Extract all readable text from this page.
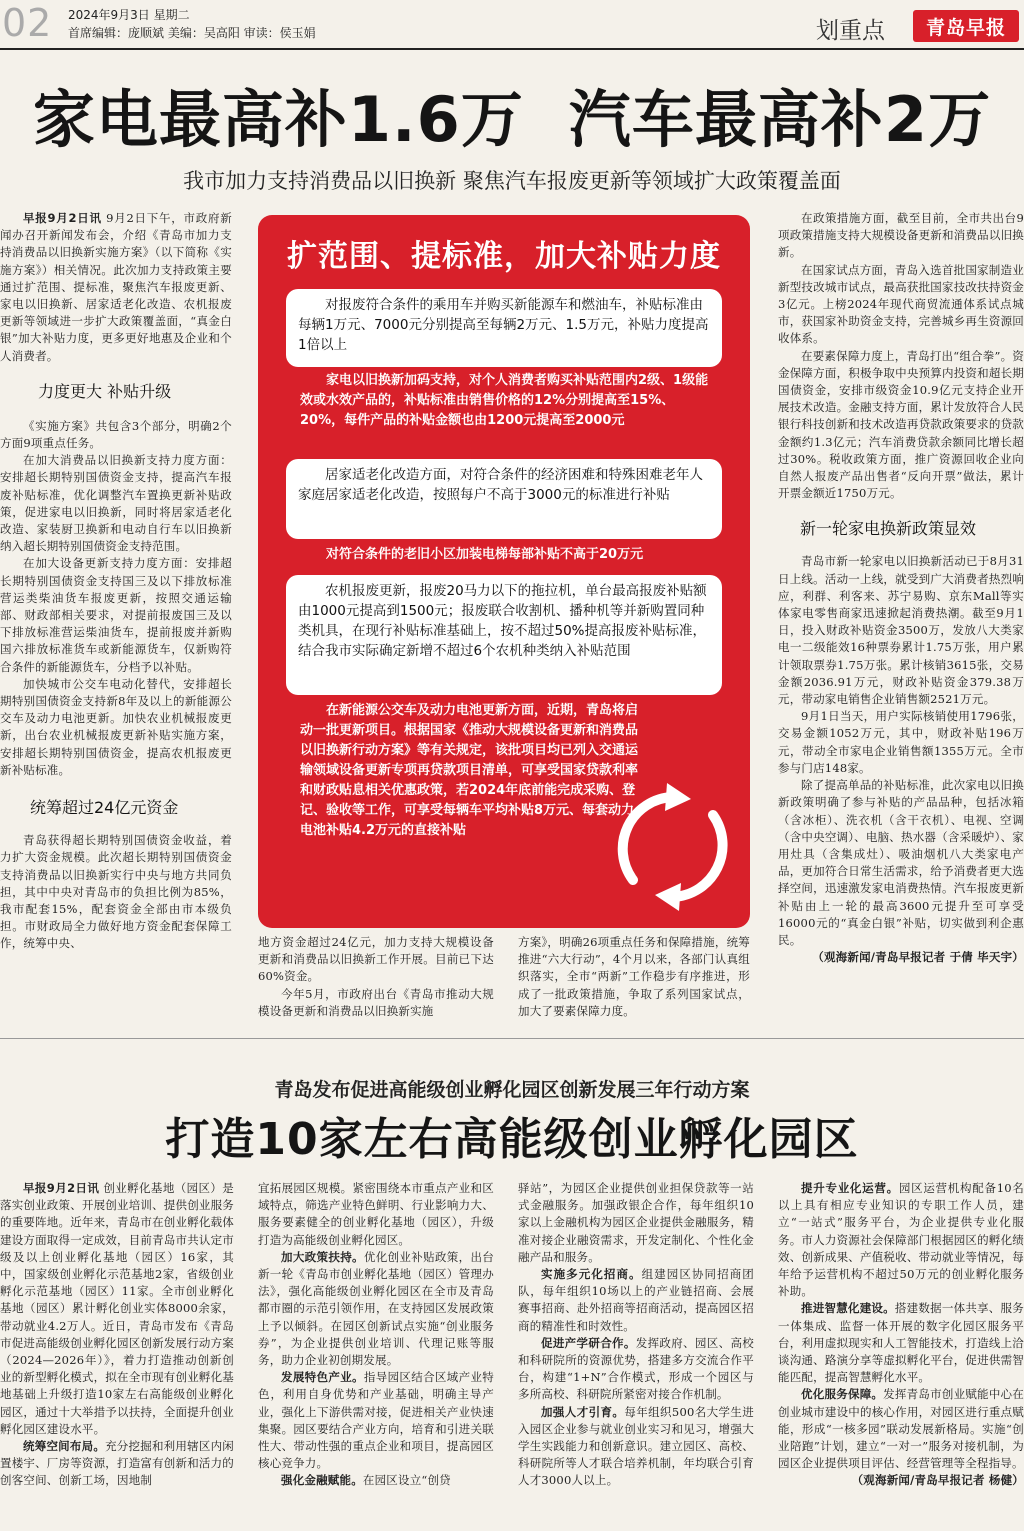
02 2024年9月3日 星期二
首席编辑：庞顺斌 美编：吴高阳 审读：侯玉娟	划重点 青岛早报
家电最高补1.6万  汽车最高补2万
我市加力支持消费品以旧换新 聚焦汽车报废更新等领域扩大政策覆盖面

早报9月2日讯 9月2日下午，市政府新闻办召开新闻发布会，介绍《青岛市加力支持消费品以旧换新实施方案》（以下简称《实施方案》）相关情况。此次加力支持政策主要通过扩范围、提标准，聚焦汽车报废更新、家电以旧换新、居家适老化改造、农机报废更新等领域进一步扩大政策覆盖面，“真金白银”加大补贴力度，更多更好地惠及企业和个人消费者。

力度更大 补贴升级

《实施方案》共包含3个部分，明确2个方面9项重点任务。

在加大消费品以旧换新支持力度方面：安排超长期特别国债资金支持，提高汽车报废补贴标准，优化调整汽车置换更新补贴政策，促进家电以旧换新，同时将居家适老化改造、家装厨卫换新和电动自行车以旧换新纳入超长期特别国债资金支持范围。

在加大设备更新支持力度方面：安排超长期特别国债资金支持国三及以下排放标准营运类柴油货车报废更新，按照交通运输部、财政部相关要求，对提前报废国三及以下排放标准营运柴油货车，提前报废并新购国六排放标准货车或新能源货车，仅新购符合条件的新能源货车，分档予以补贴。

加快城市公交车电动化替代，安排超长期特别国债资金支持新8年及以上的新能源公交车及动力电池更新。加快农业机械报废更新，出台农业机械报废更新补贴实施方案，安排超长期特别国债资金，提高农机报废更新补贴标准。

统筹超过24亿元资金

青岛获得超长期特别国债资金收益，着力扩大资金规模。此次超长期特别国债资金支持消费品以旧换新实行中央与地方共同负担，其中中央对青岛市的负担比例为85%，我市配套15%，配套资金全部由市本级负担。市财政局全力做好地方资金配套保障工作，统筹中央、

扩范围、提标准，加大补贴力度
对报废符合条件的乘用车并购买新能源车和燃油车，补贴标准由每辆1万元、7000元分别提高至每辆2万元、1.5万元，补贴力度提高1倍以上
家电以旧换新加码支持，对个人消费者购买补贴范围内2级、1级能效或水效产品的，补贴标准由销售价格的12%分别提高至15%、20%，每件产品的补贴金额也由1200元提高至2000元
居家适老化改造方面，对符合条件的经济困难和特殊困难老年人家庭居家适老化改造，按照每户不高于3000元的标准进行补贴
对符合条件的老旧小区加装电梯每部补贴不高于20万元
农机报废更新，报废20马力以下的拖拉机，单台最高报废补贴额由1000元提高到1500元；报废联合收割机、播种机等并新购置同种类机具，在现行补贴标准基础上，按不超过50%提高报废补贴标准，结合我市实际确定新增不超过6个农机种类纳入补贴范围
在新能源公交车及动力电池更新方面，近期，青岛将启动一批更新项目。根据国家《推动大规模设备更新和消费品以旧换新行动方案》等有关规定，该批项目均已列入交通运输领域设备更新专项再贷款项目清单，可享受国家贷款利率和财政贴息相关优惠政策，若2024年底前能完成采购、登记、验收等工作，可享受每辆车平均补贴8万元、每套动力电池补贴4.2万元的直接补贴

地方资金超过24亿元，加力支持大规模设备更新和消费品以旧换新工作开展。目前已下达60%资金。

今年5月，市政府出台《青岛市推动大规模设备更新和消费品以旧换新实施

方案》，明确26项重点任务和保障措施，统筹推进“六大行动”，4个月以来，各部门认真组织落实，全市“两新”工作稳步有序推进，形成了一批政策措施，争取了系列国家试点，加大了要素保障力度。

在政策措施方面，截至目前，全市共出台9项政策措施支持大规模设备更新和消费品以旧换新。

在国家试点方面，青岛入选首批国家制造业新型技改城市试点，最高获批国家技改扶持资金3亿元。上榜2024年现代商贸流通体系试点城市，获国家补助资金支持，完善城乡再生资源回收体系。

在要素保障力度上，青岛打出“组合拳”。资金保障方面，积极争取中央预算内投资和超长期国债资金，安排市级资金10.9亿元支持企业开展技术改造。金融支持方面，累计发放符合人民银行科技创新和技术改造再贷款政策要求的贷款金额约1.3亿元；汽车消费贷款余额同比增长超过30%。税收政策方面，推广资源回收企业向自然人报废产品出售者“反向开票”做法，累计开票金额近1750万元。

新一轮家电换新政策显效

青岛市新一轮家电以旧换新活动已于8月31日上线。活动一上线，就受到广大消费者热烈响应，利群、利客来、苏宁易购、京东Mall等实体家电零售商家迅速掀起消费热潮。截至9月1日，投入财政补贴资金3500万，发放八大类家电一二级能效16种票券累计1.75万张，用户累计领取票券1.75万张。累计核销3615张，交易金额2036.91万元，财政补贴资金379.38万元，带动家电销售企业销售额2521万元。

9月1日当天，用户实际核销使用1796张，交易金额1052万元，其中，财政补贴196万元，带动全市家电企业销售额1355万元。全市参与门店148家。

除了提高单品的补贴标准，此次家电以旧换新政策明确了参与补贴的产品品种，包括冰箱（含冰柜）、洗衣机（含干衣机）、电视、空调（含中央空调）、电脑、热水器（含采暖炉）、家用灶具（含集成灶）、吸油烟机八大类家电产品，更加符合日常生活需求，给予消费者更大选择空间，迅速激发家电消费热情。汽车报废更新补贴由上一轮的最高3600元提升至可享受16000元的“真金白银”补贴，切实做到利企惠民。

（观海新闻/青岛早报记者 于倩 毕天宇）

青岛发布促进高能级创业孵化园区创新发展三年行动方案
打造10家左右高能级创业孵化园区

早报9月2日讯 创业孵化基地（园区）是落实创业政策、开展创业培训、提供创业服务的重要阵地。近年来，青岛市在创业孵化载体建设方面取得一定成效，目前青岛市共认定市级及以上创业孵化基地（园区）16家，其中，国家级创业孵化示范基地2家，省级创业孵化示范基地（园区）11家。全市创业孵化基地（园区）累计孵化创业实体8000余家，带动就业4.2万人。近日，青岛市发布《青岛市促进高能级创业孵化园区创新发展行动方案（2024—2026年）》，着力打造推动创新创业的新型孵化模式，拟在全市现有创业孵化基地基础上升级打造10家左右高能级创业孵化园区，通过十大举措予以扶持，全面提升创业孵化园区建设水平。

统筹空间布局。充分挖掘和利用辖区内闲置楼宇、厂房等资源，打造富有创新和活力的创客空间、创新工场，因地制

宜拓展园区规模。紧密围绕本市重点产业和区域特点，筛选产业特色鲜明、行业影响力大、服务要素健全的创业孵化基地（园区），升级打造为高能级创业孵化园区。

加大政策扶持。优化创业补贴政策，出台新一轮《青岛市创业孵化基地（园区）管理办法》，强化高能级创业孵化园区在全市及青岛都市圈的示范引领作用，在支持园区发展政策上予以倾斜。在园区创新试点实施“创业服务券”，为企业提供创业培训、代理记账等服务，助力企业初创期发展。

发展特色产业。指导园区结合区域产业特色，利用自身优势和产业基础，明确主导产业，强化上下游供需对接，促进相关产业快速集聚。园区要结合产业方向，培育和引进关联性大、带动性强的重点企业和项目，提高园区核心竞争力。

强化金融赋能。在园区设立“创贷

驿站”，为园区企业提供创业担保贷款等一站式金融服务。加强政银企合作，每年组织10家以上金融机构为园区企业提供金融服务，精准对接企业融资需求，开发定制化、个性化金融产品和服务。

实施多元化招商。组建园区协同招商团队，每年组织10场以上的产业链招商、会展赛事招商、赴外招商等招商活动，提高园区招商的精准性和时效性。

促进产学研合作。发挥政府、园区、高校和科研院所的资源优势，搭建多方交流合作平台，构建“1+N”合作模式，形成一个园区与多所高校、科研院所紧密对接合作机制。

加强人才引育。每年组织500名大学生进入园区企业参与就业创业实习和见习，增强大学生实践能力和创新意识。建立园区、高校、科研院所等人才联合培养机制，年均联合引育人才3000人以上。

提升专业化运营。园区运营机构配备10名以上具有相应专业知识的专职工作人员，建立“一站式”服务平台，为企业提供专业化服务。市人力资源社会保障部门根据园区的孵化绩效、创新成果、产值税收、带动就业等情况，每年给予运营机构不超过50万元的创业孵化服务补助。

推进智慧化建设。搭建数据一体共享、服务一体集成、监督一体开展的数字化园区服务平台，利用虚拟现实和人工智能技术，打造线上洽谈沟通、路演分享等虚拟孵化平台，促进供需智能匹配，提高智慧孵化水平。

优化服务保障。发挥青岛市创业赋能中心在创业城市建设中的核心作用，对园区进行重点赋能，形成“一核多园”联动发展新格局。实施“创业陪跑”计划，建立“一对一”服务对接机制，为园区企业提供项目评估、经营管理等全程指导。

（观海新闻/青岛早报记者 杨健）
